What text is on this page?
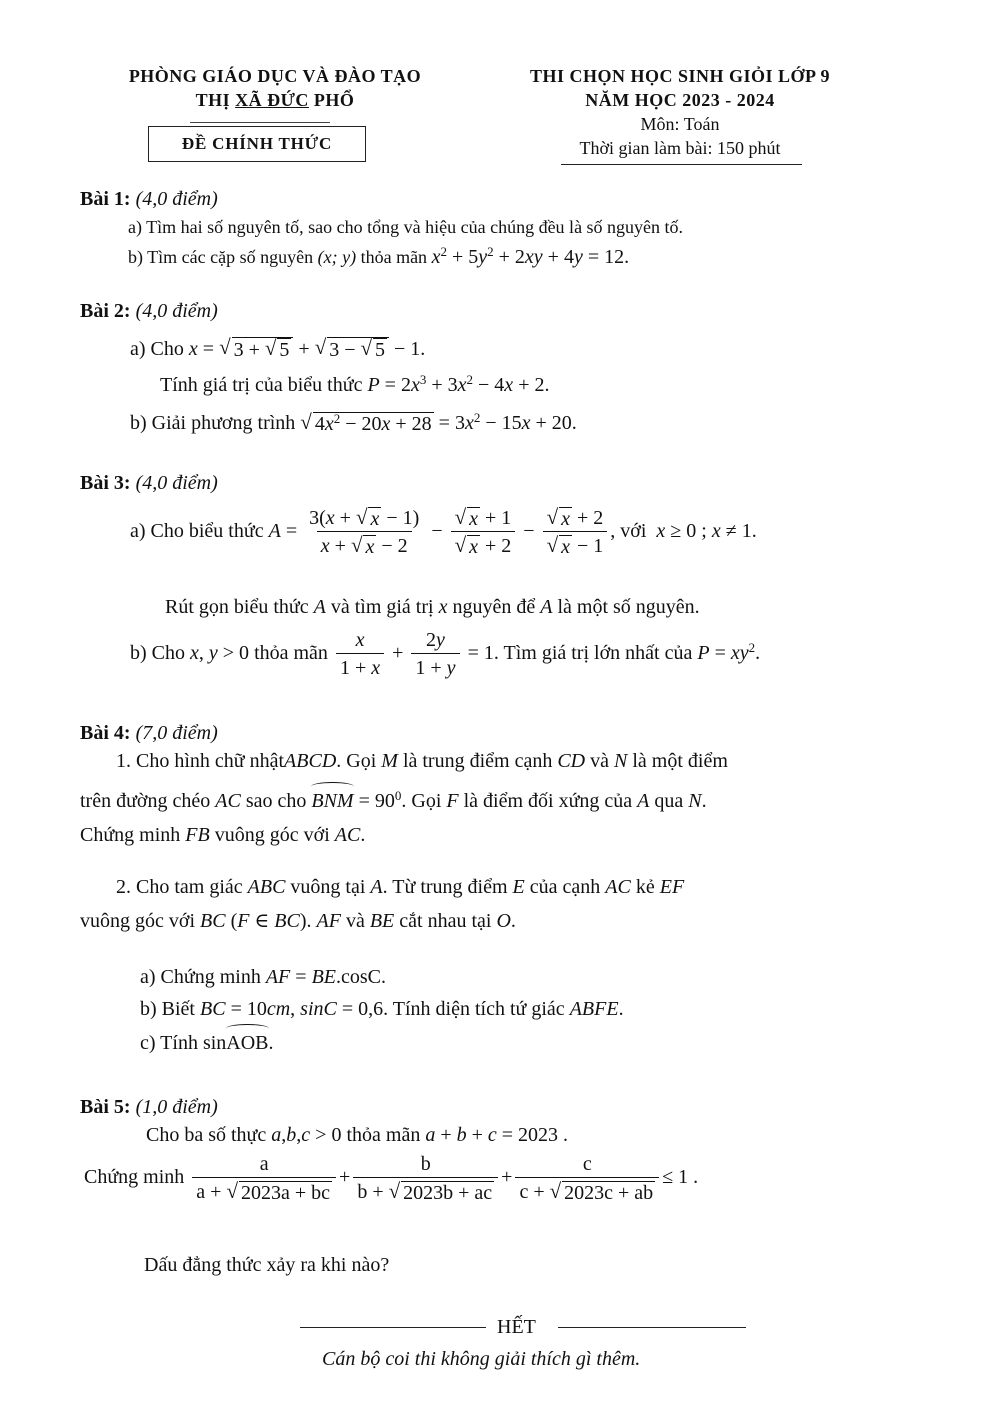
PHÒNG GIÁO DỤC VÀ ĐÀO TẠO
THỊ XÃ ĐỨC PHỔ
ĐỀ CHÍNH THỨC
THI CHỌN HỌC SINH GIỎI LỚP 9
NĂM HỌC 2023 - 2024
Môn: Toán
Thời gian làm bài: 150 phút
Bài 1: (4,0 điểm)
a) Tìm hai số nguyên tố, sao cho tổng và hiệu của chúng đều là số nguyên tố.
b) Tìm các cặp số nguyên (x; y) thỏa mãn $x^2 + 5y^2 + 2xy + 4y = 12$.
Bài 2: (4,0 điểm)
a) Cho x = √ 3 + √ 5 + √ 3 − √ 5 − 1.
Tính giá trị của biểu thức $P = 2x^3 + 3x^2 - 4x + 2$.
b) Giải phương trình √ $4x^2 - 20x + 28 = 3x^2 - 15x + 20$.
Bài 3: (4,0 điểm)
a) Cho biểu thức $A = \frac{3(x + √ x - 1)}{x + √ x - 2} - \frac{√ x + 1}{√ x + 2} - \frac{√ x + 2}{√ x - 1}$ , với  x ≥ 0 ; x ≠ 1.
Rút gọn biểu thức A và tìm giá trị x nguyên để A là một số nguyên.
b) Cho x, y > 0 thỏa mãn $\frac{x}{1 + x} + \frac{2y}{1 + y} = 1$. Tìm giá trị lớn nhất của $P = xy^2$.
Bài 4: (7,0 điểm)
1. Cho hình chữ nhậtABCD. Gọi M là trung điểm cạnh CD và N là một điểm
trên đường chéo AC sao cho BNM = $90^0$. Gọi F là điểm đối xứng của A qua N.
Chứng minh FB vuông góc với AC.
2. Cho tam giác ABC vuông tại A. Từ trung điểm E của cạnh AC kẻ EF
vuông góc với BC (F ∈ BC). AF và BE cắt nhau tại O.
a) Chứng minh AF = BE.cosC.
b) Biết BC = 10cm, sinC = 0,6. Tính diện tích tứ giác ABFE.
c) Tính sinAOB.
Bài 5: (1,0 điểm)
Cho ba số thực a,b,c > 0 thỏa mãn a + b + c = 2023 .
Chứng minh $\frac{a}{a + √ 2023a + bc} + \frac{b}{b + √ 2023b + ac} + \frac{c}{c + √ 2023c + ab} \le 1$ .
Dấu đẳng thức xảy ra khi nào?
HẾT
Cán bộ coi thi không giải thích gì thêm.
